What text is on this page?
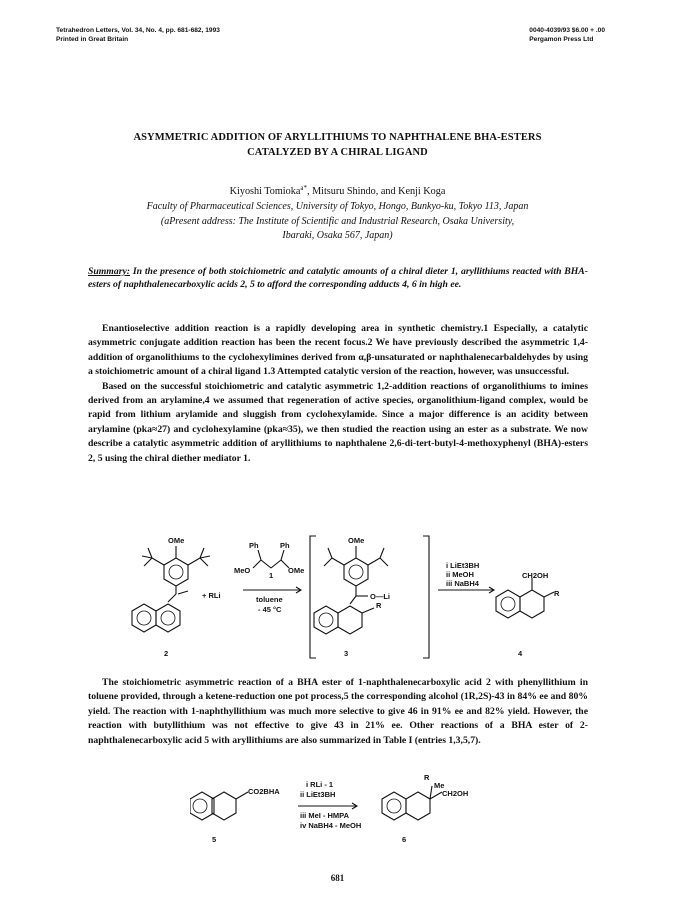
Tetrahedron Letters, Vol. 34, No. 4, pp. 681-682, 1993
Printed in Great Britain
0040-4039/93 $6.00 + .00
Pergamon Press Ltd
ASYMMETRIC ADDITION OF ARYLLITHIUMS TO NAPHTHALENE BHA-ESTERS
CATALYZED BY A CHIRAL LIGAND
Kiyoshi Tomioka$^{a*}$, Mitsuru Shindo, and Kenji Koga
Faculty of Pharmaceutical Sciences, University of Tokyo, Hongo, Bunkyo-ku, Tokyo 113, Japan
(aPresent address: The Institute of Scientific and Industrial Research, Osaka University,
Ibaraki, Osaka 567, Japan)
Summary: In the presence of both stoichiometric and catalytic amounts of a chiral dieter 1, aryllithiums reacted with BHA-esters of naphthalenecarboxylic acids 2, 5 to afford the corresponding adducts 4, 6 in high ee.

Enantioselective addition reaction is a rapidly developing area in synthetic chemistry.1 Especially, a catalytic asymmetric conjugate addition reaction has been the recent focus.2 We have previously described the asymmetric 1,4-addition of organolithiums to the cyclohexylimines derived from α,β-unsaturated or naphthalenecarbaldehydes by using a stoichiometric amount of a chiral ligand 1.3 Attempted catalytic version of the reaction, however, was unsuccessful.

Based on the successful stoichiometric and catalytic asymmetric 1,2-addition reactions of organolithiums to imines derived from an arylamine,4 we assumed that regeneration of active species, organolithium-ligand complex, would be rapid from lithium arylamide and sluggish from cyclohexylamide. Since a major difference is an acidity between arylamine (pka≈27) and cyclohexylamine (pka≈35), we then studied the reaction using an ester as a substrate. We now describe a catalytic asymmetric addition of aryllithiums to naphthalene 2,6-di-tert-butyl-4-methoxyphenyl (BHA)-esters 2, 5 using the chiral diether mediator 1.

OMe	OMe
Ph	Ph
MeO
1
OMe
+ RLi	toluene
- 45 °C
O—Li
R
i LiEt3BH
ii MeOH
iii NaBH4
CH2OH
R
2	3	4

The stoichiometric asymmetric reaction of a BHA ester of 1-naphthalenecarboxylic acid 2 with phenyllithium in toluene provided, through a ketene-reduction one pot process,5 the corresponding alcohol (1R,2S)-43 in 84% ee and 80% yield. The reaction with 1-naphthyllithium was much more selective to give 46 in 91% ee and 82% yield. However, the reaction with butyllithium was not effective to give 43 in 21% ee. Other reactions of a BHA ester of 2-naphthalenecarboxylic acid 5 with aryllithiums are also summarized in Table I (entries 1,3,5,7).

CO2BHA
i RLi - 1
ii LiEt3BH
iii MeI - HMPA
iv NaBH4 - MeOH
R
Me
CH2OH
5	6
681
